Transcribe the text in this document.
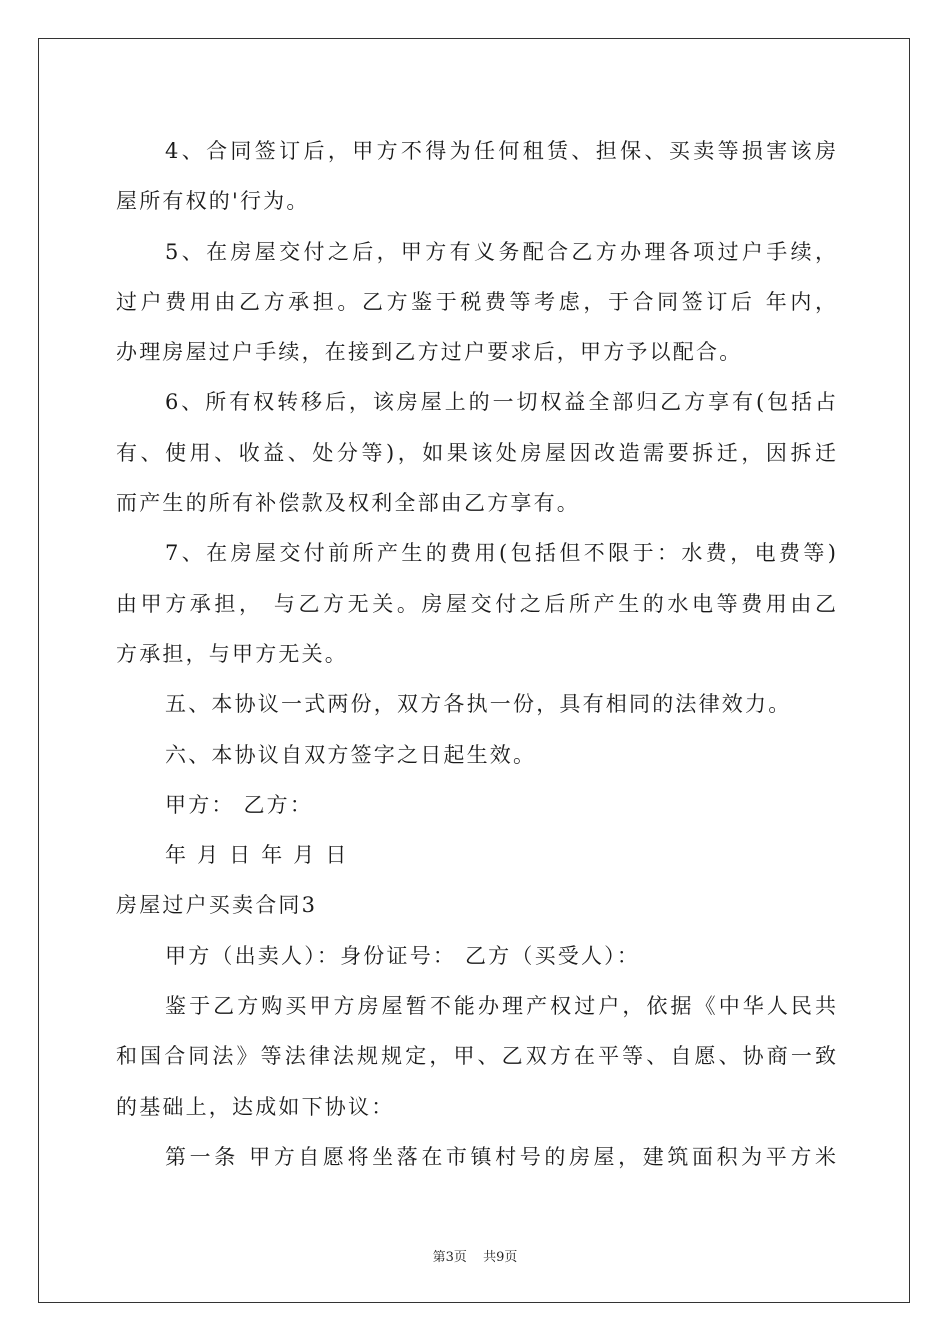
4、合同签订后，甲方不得为任何租赁、担保、买卖等损害该房
屋所有权的'行为。
5、在房屋交付之后，甲方有义务配合乙方办理各项过户手续，
过户费用由乙方承担。乙方鉴于税费等考虑，于合同签订后 年内，
办理房屋过户手续，在接到乙方过户要求后，甲方予以配合。
6、所有权转移后，该房屋上的一切权益全部归乙方享有(包括占
有、使用、收益、处分等)，如果该处房屋因改造需要拆迁，因拆迁
而产生的所有补偿款及权利全部由乙方享有。
7、在房屋交付前所产生的费用(包括但不限于：水费，电费等)
由甲方承担， 与乙方无关。房屋交付之后所产生的水电等费用由乙
方承担，与甲方无关。
五、本协议一式两份，双方各执一份，具有相同的法律效力。
六、本协议自双方签字之日起生效。
甲方： 乙方：
年 月 日 年 月 日
房屋过户买卖合同3
甲方（出卖人）：身份证号： 乙方（买受人）：
鉴于乙方购买甲方房屋暂不能办理产权过户，依据《中华人民共
和国合同法》等法律法规规定，甲、乙双方在平等、自愿、协商一致
的基础上，达成如下协议：
第一条 甲方自愿将坐落在市镇村号的房屋，建筑面积为平方米
第3页 共9页
